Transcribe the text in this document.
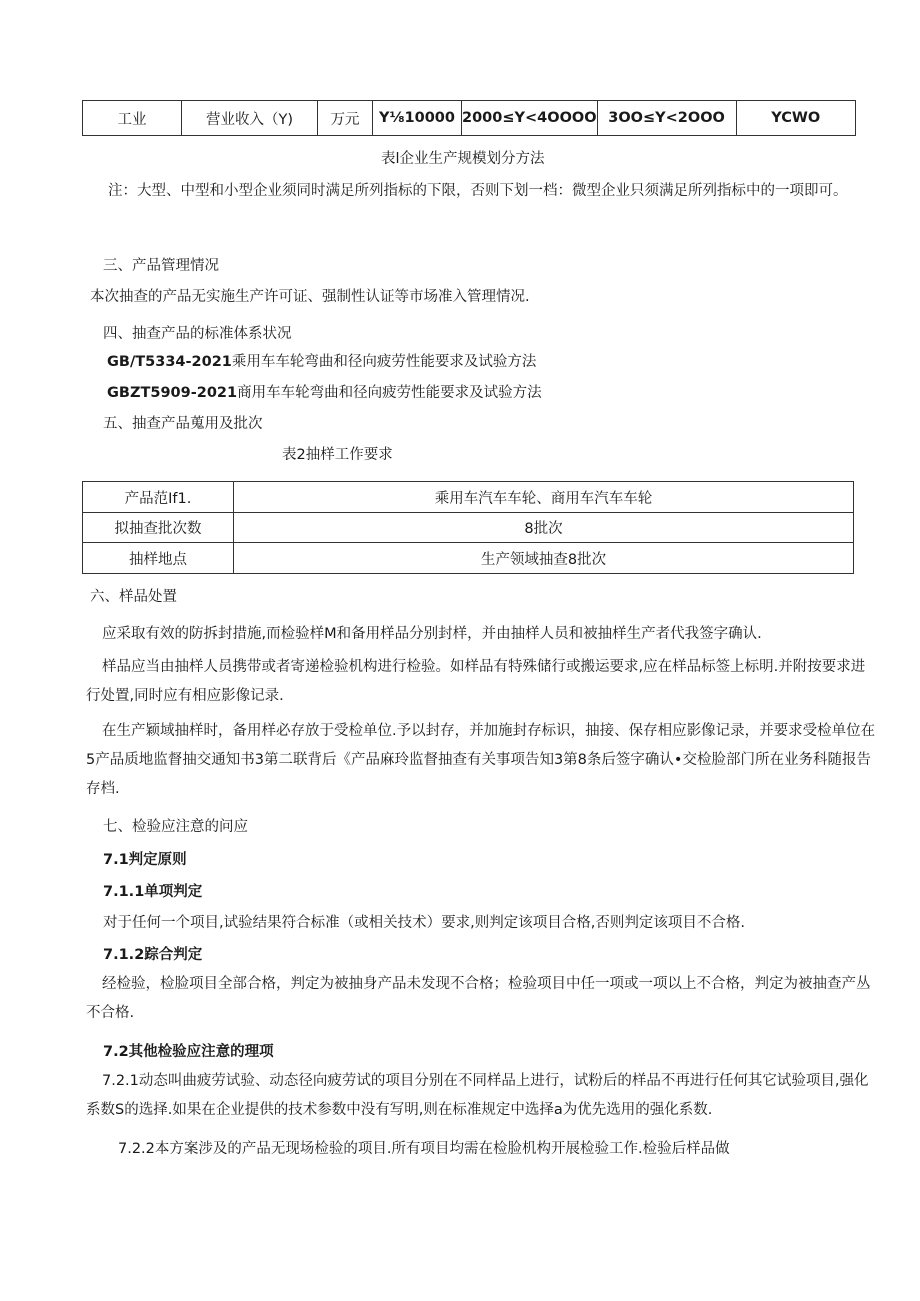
工业	营业收入（Y)	万元	Y⅛10000	2000≤Y<4OOOO	3OO≤Y<2OOO	YCWO
表l企业生产规模划分方法
注：大型、中型和小型企业须同时满足所列指标的下限，否则下划一档：微型企业只须满足所列指标中的一项即可。
三、产品管理情况
本次抽查的产品无实施生产许可证、强制性认证等市场准入管理情况.
四、抽查产品的标准体系状况
GB/T5334-2021乘用车车轮弯曲和径向疲劳性能要求及试验方法
GBZT5909-2021商用车车轮弯曲和径向疲劳性能要求及试验方法
五、抽查产品蒐用及批次
表2抽样工作要求
产品范If1.	乘用车汽车车轮、商用车汽车车轮
拟抽查批次数	8批次
抽样地点	生产领域抽查8批次
六、样品处置
应采取有效的防拆封措施,而检验样M和备用样品分别封样，并由抽样人员和被抽样生产者代我签字确认.
样品应当由抽样人员携带或者寄递检验机构进行检验。如样品有特殊储行或搬运要求,应在样品标签上标明.并附按要求进行处置,同时应有相应影像记录.
在生产颖域抽样时，备用样必存放于受检单位.予以封存，并加施封存标识，抽接、保存相应影像记录，并要求受检单位在5产品质地监督抽交通知书3第二联背后《产品麻玲监督抽查有关事项告知3第8条后签字确认•交检脸部门所在业务科随报告存档.
七、检验应注意的问应
7.1判定原则
7.1.1单项判定
对于任何一个项目,试验结果符合标准（或相关技术）要求,则判定该项目合格,否则判定该项目不合格.
7.1.2踪合判定
经检验，检脸项目全部合格，判定为被抽身产品未发现不合格；检验项目中任一项或一项以上不合格，判定为被抽查产丛不合格.
7.2其他检验应注意的理项
7.2.1动态叫曲疲劳试验、动态径向疲劳试的项目分别在不同样品上进行，试粉后的样品不再进行任何其它试验项目,强化系数S的选择.如果在企业提供的技术参数中没有写明,则在标准规定中选择a为优先选用的强化系数.
7.2.2本方案涉及的产品无现场检验的项目.所有项目均需在检脸机构开展检验工作.检验后样品做
